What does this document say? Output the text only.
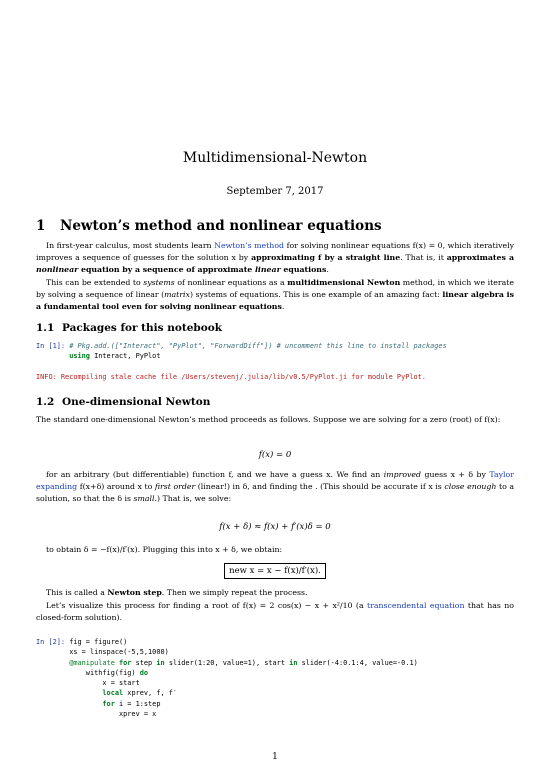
Multidimensional-Newton
September 7, 2017
1 Newton’s method and nonlinear equations
In first-year calculus, most students learn Newton’s method for solving nonlinear equations f(x) = 0, which iteratively improves a sequence of guesses for the solution x by approximating f by a straight line. That is, it approximates a nonlinear equation by a sequence of approximate linear equations.
This can be extended to systems of nonlinear equations as a multidimensional Newton method, in which we iterate by solving a sequence of linear (matrix) systems of equations. This is one example of an amazing fact: linear algebra is a fundamental tool even for solving nonlinear equations.
1.1 Packages for this notebook
In [1]: # Pkg.add.(["Interact", "PyPlot", "ForwardDiff"]) # uncomment this line to install packages
using Interact, PyPlot
INFO: Recompiling stale cache file /Users/stevenj/.julia/lib/v0.5/PyPlot.ji for module PyPlot.
1.2 One-dimensional Newton
The standard one-dimensional Newton’s method proceeds as follows. Suppose we are solving for a zero (root) of f(x):
f(x) = 0
for an arbitrary (but differentiable) function f, and we have a guess x. We find an improved guess x + δ by Taylor expanding f(x+δ) around x to first order (linear!) in δ, and finding the . (This should be accurate if x is close enough to a solution, so that the δ is small.) That is, we solve:
f(x + δ) ≈ f(x) + f′(x)δ = 0
to obtain δ = −f(x)/f′(x). Plugging this into x + δ, we obtain:
new x = x − f(x)/f′(x).
This is called a Newton step. Then we simply repeat the process.
Let’s visualize this process for finding a root of f(x) = 2 cos(x) − x + x²/10 (a transcendental equation that has no closed-form solution).
In [2]: fig = figure()
xs = linspace(-5,5,1000)
@manipulate for step in slider(1:20, value=1), start in slider(-4:0.1:4, value=-0.1)
withfig(fig) do
x = start
local xprev, f, f′
for i = 1:step
xprev = x
1
